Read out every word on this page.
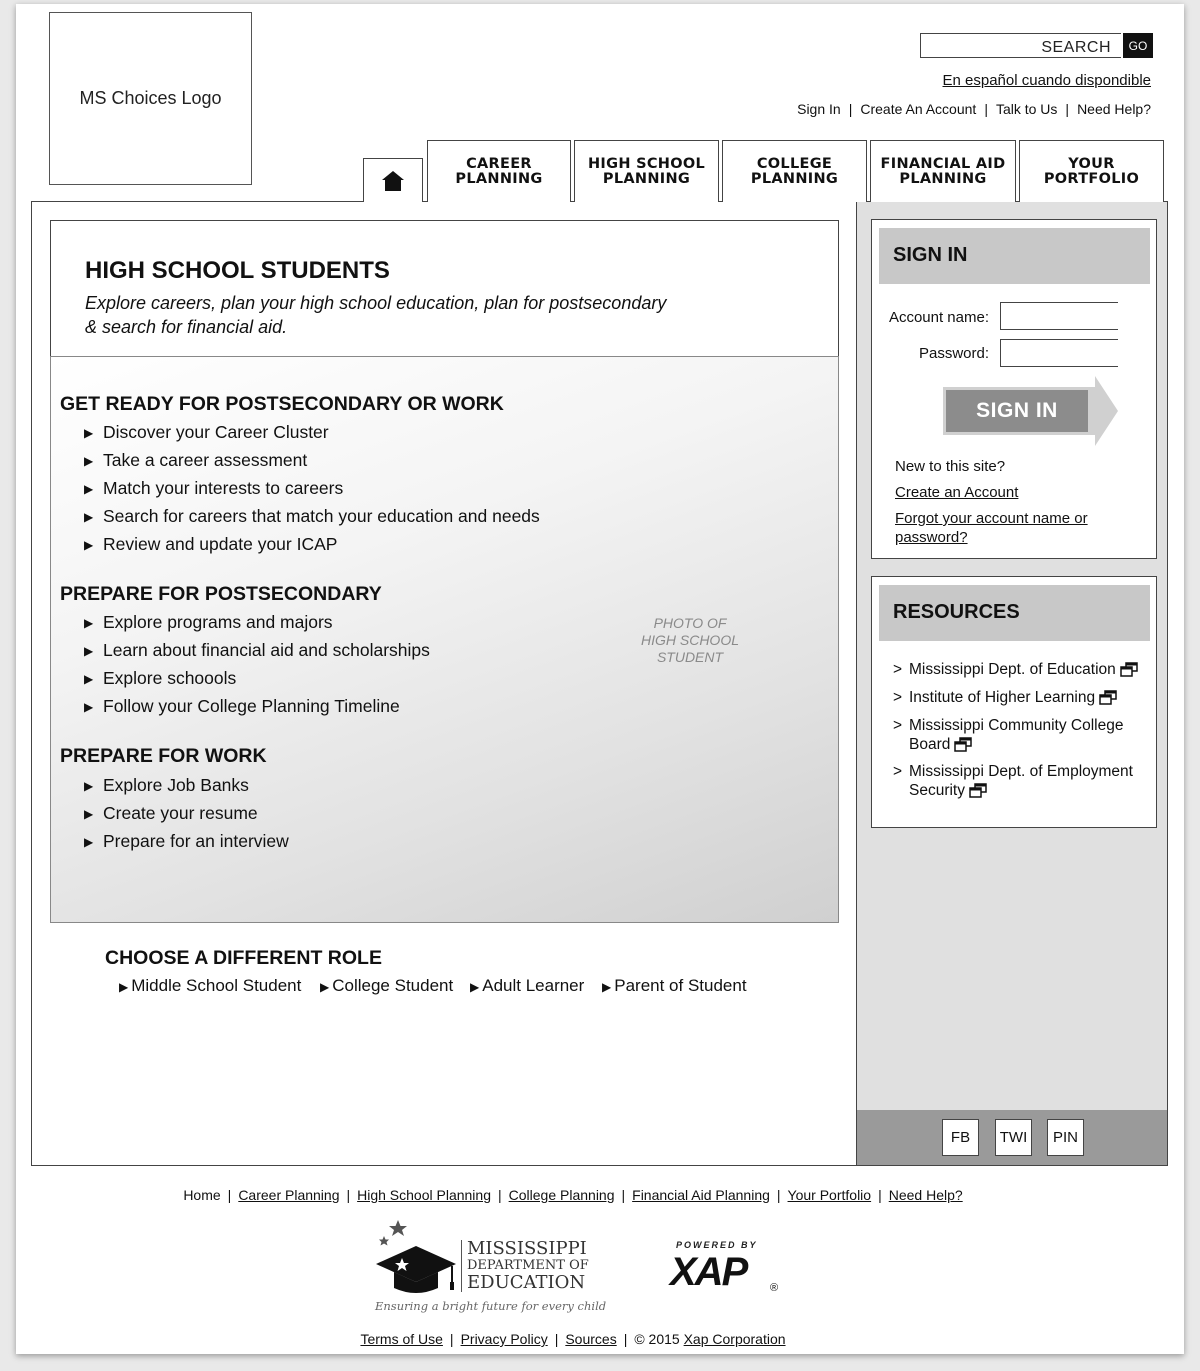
MS Choices Logo
SEARCH	GO
En español cuando dispondible
Sign In | Create An Account | Talk to Us | Need Help?
CAREER
PLANNING
HIGH SCHOOL
PLANNING
COLLEGE
PLANNING
FINANCIAL AID
PLANNING
YOUR
PORTFOLIO
HIGH SCHOOL STUDENTS

Explore careers, plan your high school education, plan for postsecondary
& search for financial aid.

GET READY FOR POSTSECONDARY OR WORK
▶ Discover your Career Cluster
▶ Take a career assessment
▶ Match your interests to careers
▶ Search for careers that match your education and needs
▶ Review and update your ICAP
PREPARE FOR POSTSECONDARY
▶ Explore programs and majors
▶ Learn about financial aid and scholarships
▶ Explore schoools
▶ Follow your College Planning Timeline
PREPARE FOR WORK
▶ Explore Job Banks
▶ Create your resume
▶ Prepare for an interview
PHOTO OF
HIGH SCHOOL
STUDENT
CHOOSE A DIFFERENT ROLE
▶ Middle School Student ▶ College Student ▶ Adult Learner ▶ Parent of Student
SIGN IN
Account name:
Password:
SIGN IN
New to this site?
Create an Account
Forgot your account name or
password?
RESOURCES
> Mississippi Dept. of Education
> Institute of Higher Learning
> Mississippi Community College
Board
> Mississippi Dept. of Employment
Security
FB	TWI	PIN
Home | Career Planning | High School Planning | College Planning | Financial Aid Planning | Your Portfolio | Need Help?
MISSISSIPPI
DEPARTMENT OF
EDUCATION
Ensuring a bright future for every child
POWERED BY
XAP ®
Terms of Use | Privacy Policy | Sources | © 2015 Xap Corporation
